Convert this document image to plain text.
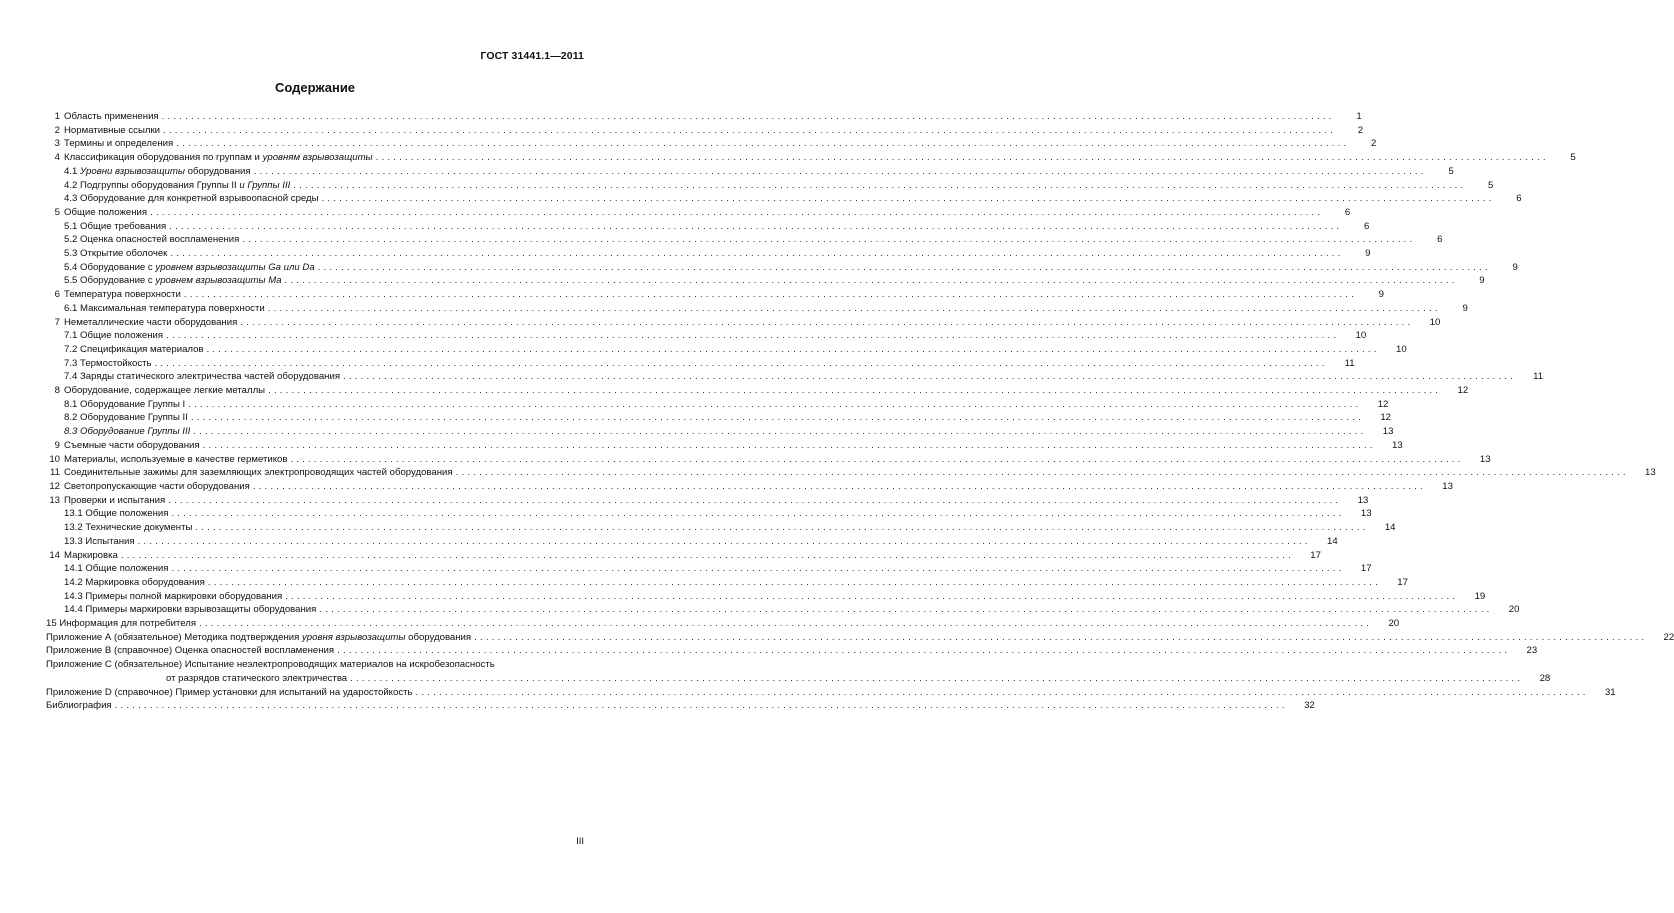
ГОСТ 31441.1—2011
Содержание
1 Область применения ........................................................................................................................................................................................................	1
2 Нормативные ссылки ........................................................................................................................................................................................................	2
3 Термины и определения ........................................................................................................................................................................................................	2
4 Классификация оборудования по группам и уровням взрывозащиты ........................................................................................................................................................................................................	5
4.1 Уровни взрывозащиты оборудования ........................................................................................................................................................................................................	5
4.2 Подгруппы оборудования Группы II и Группы III ........................................................................................................................................................................................................	5
4.3 Оборудование для конкретной взрывоопасной среды ........................................................................................................................................................................................................	6
5 Общие положения ........................................................................................................................................................................................................	6
5.1 Общие требования ........................................................................................................................................................................................................	6
5.2 Оценка опасностей воспламенения ........................................................................................................................................................................................................	6
5.3 Открытие оболочек ........................................................................................................................................................................................................	9
5.4 Оборудование с уровнем взрывозащиты Ga или Da ........................................................................................................................................................................................................	9
5.5 Оборудование с уровнем взрывозащиты Ma ........................................................................................................................................................................................................	9
6 Температура поверхности ........................................................................................................................................................................................................	9
6.1 Максимальная температура поверхности ........................................................................................................................................................................................................	9
7 Неметаллические части оборудования ........................................................................................................................................................................................................	10
7.1 Общие положения ........................................................................................................................................................................................................	10
7.2 Спецификация материалов ........................................................................................................................................................................................................	10
7.3 Термостойкость ........................................................................................................................................................................................................	11
7.4 Заряды статического электричества частей оборудования ........................................................................................................................................................................................................	11
8 Оборудование, содержащее легкие металлы ........................................................................................................................................................................................................	12
8.1 Оборудование Группы I ........................................................................................................................................................................................................	12
8.2 Оборудование Группы II ........................................................................................................................................................................................................	12
8.3 Оборудование Группы III ........................................................................................................................................................................................................	13
9 Съемные части оборудования ........................................................................................................................................................................................................	13
10 Материалы, используемые в качестве герметиков ........................................................................................................................................................................................................	13
11 Соединительные зажимы для заземляющих электропроводящих частей оборудования ........................................................................................................................................................................................................	13
12 Светопропускающие части оборудования ........................................................................................................................................................................................................	13
13 Проверки и испытания ........................................................................................................................................................................................................	13
13.1 Общие положения ........................................................................................................................................................................................................	13
13.2 Технические документы ........................................................................................................................................................................................................	14
13.3 Испытания ........................................................................................................................................................................................................	14
14 Маркировка ........................................................................................................................................................................................................	17
14.1 Общие положения ........................................................................................................................................................................................................	17
14.2 Маркировка оборудования ........................................................................................................................................................................................................	17
14.3 Примеры полной маркировки оборудования ........................................................................................................................................................................................................	19
14.4 Примеры маркировки взрывозащиты оборудования ........................................................................................................................................................................................................	20
15 Информация для потребителя ........................................................................................................................................................................................................	20
Приложение А (обязательное) Методика подтверждения уровня взрывозащиты оборудования ........................................................................................................................................................................................................	22
Приложение В (справочное) Оценка опасностей воспламенения ........................................................................................................................................................................................................	23
Приложение С (обязательное) Испытание неэлектропроводящих материалов на искробезопасность
от разрядов статического электричества ........................................................................................................................................................................................................	28
Приложение D (справочное) Пример установки для испытаний на ударостойкость ........................................................................................................................................................................................................	31
Библиография ........................................................................................................................................................................................................	32
III
